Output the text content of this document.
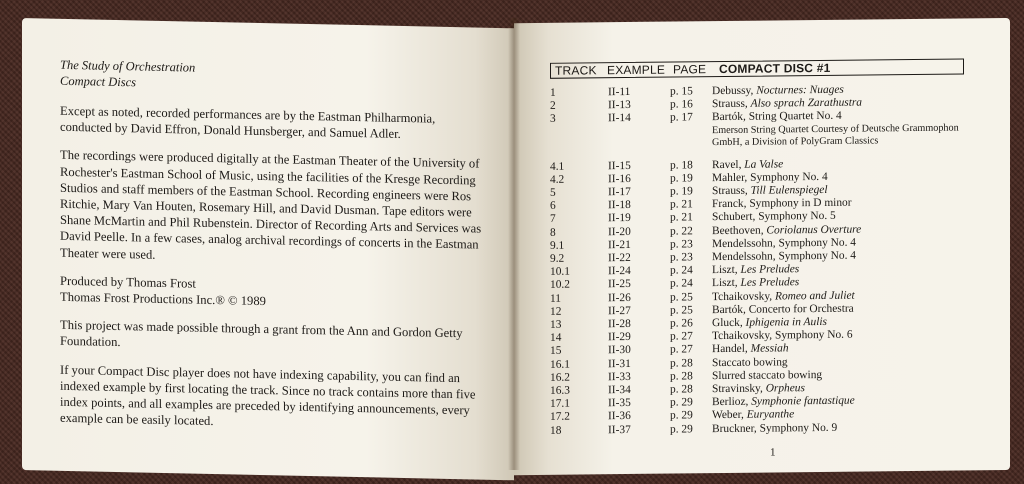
The Study of Orchestration

Compact Discs

Except as noted, recorded performances are by the Eastman Philharmonia, conducted by David Effron, Donald Hunsberger, and Samuel Adler.

The recordings were produced digitally at the Eastman Theater of the University of Rochester's Eastman School of Music, using the facilities of the Kresge Recording Studios and staff members of the Eastman School. Recording engineers were Ros Ritchie, Mary Van Houten, Rosemary Hill, and David Dusman. Tape editors were Shane McMartin and Phil Rubenstein. Director of Recording Arts and Services was David Peelle. In a few cases, analog archival recordings of concerts in the Eastman Theater were used.

Produced by Thomas Frost

Thomas Frost Productions Inc.® © 1989

This project was made possible through a grant from the Ann and Gordon Getty Foundation.

If your Compact Disc player does not have indexing capability, you can find an indexed example by first locating the track. Since no track contains more than five index points, and all examples are preceded by identifying announcements, every example can be easily located.

TRACK EXAMPLE PAGE	COMPACT DISC #1
1	II-11	p. 15	Debussy, Nocturnes: Nuages
2	II-13	p. 16	Strauss, Also sprach Zarathustra
3	II-14	p. 17	Bartók, String Quartet No. 4
Emerson String Quartet Courtesy of Deutsche Grammophon GmbH, a Division of PolyGram Classics
4.1	II-15	p. 18	Ravel, La Valse
4.2	II-16	p. 19	Mahler, Symphony No. 4
5	II-17	p. 19	Strauss, Till Eulenspiegel
6	II-18	p. 21	Franck, Symphony in D minor
7	II-19	p. 21	Schubert, Symphony No. 5
8	II-20	p. 22	Beethoven, Coriolanus Overture
9.1	II-21	p. 23	Mendelssohn, Symphony No. 4
9.2	II-22	p. 23	Mendelssohn, Symphony No. 4
10.1	II-24	p. 24	Liszt, Les Preludes
10.2	II-25	p. 24	Liszt, Les Preludes
11	II-26	p. 25	Tchaikovsky, Romeo and Juliet
12	II-27	p. 25	Bartók, Concerto for Orchestra
13	II-28	p. 26	Gluck, Iphigenia in Aulis
14	II-29	p. 27	Tchaikovsky, Symphony No. 6
15	II-30	p. 27	Handel, Messiah
16.1	II-31	p. 28	Staccato bowing
16.2	II-33	p. 28	Slurred staccato bowing
16.3	II-34	p. 28	Stravinsky, Orpheus
17.1	II-35	p. 29	Berlioz, Symphonie fantastique
17.2	II-36	p. 29	Weber, Euryanthe
18	II-37	p. 29	Bruckner, Symphony No. 9
1
